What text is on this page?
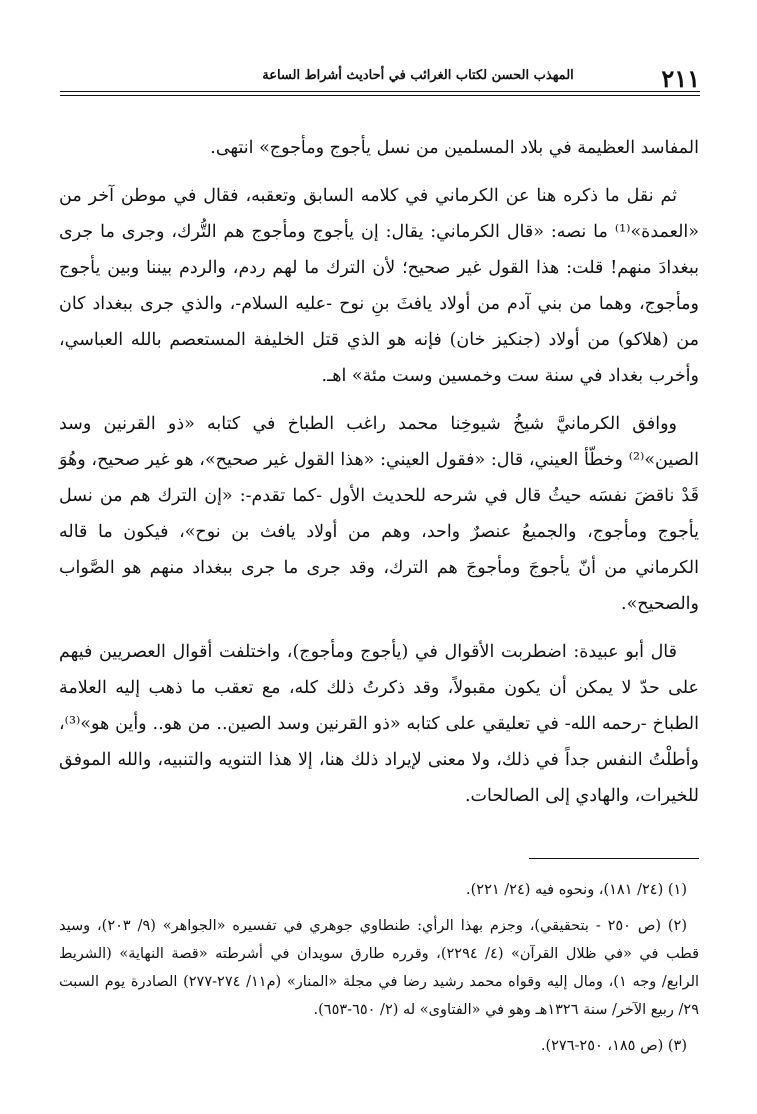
٢١١
المهذب الحسن لكتاب الغرائب في أحاديث أشراط الساعة

المفاسد العظيمة في بلاد المسلمين من نسل يأجوج ومأجوج» انتهى.

ثم نقل ما ذكره هنا عن الكرماني في كلامه السابق وتعقبه، فقال في موطن آخر من «العمدة»⁽¹⁾ ما نصه: «قال الكرماني: يقال: إن يأجوج ومأجوج هم التُّرك، وجرى ما جرى ببغدادَ منهم! قلت: هذا القول غير صحيح؛ لأن الترك ما لهم ردم، والردم بيننا وبين يأجوج ومأجوج، وهما من بني آدم من أولاد يافثَ بنِ نوح -عليه السلام-، والذي جرى ببغداد كان من (هلاكو) من أولاد (جنكيز خان) فإنه هو الذي قتل الخليفة المستعصم بالله العباسي، وأخرب بغداد في سنة ست وخمسين وست مئة» اهـ.

ووافق الكرمانيَّ شيخُ شيوخِنا محمد راغب الطباخ في كتابه «ذو القرنين وسد الصين»⁽²⁾ وخطّأ العيني، قال: «فقول العيني: «هذا القول غير صحيح»، هو غير صحيح، وهُوَ قَدْ ناقضَ نفسَه حيثُ قال في شرحه للحديث الأول -كما تقدم-: «إن الترك هم من نسل يأجوج ومأجوج، والجميعُ عنصرٌ واحد، وهم من أولاد يافث بن نوح»، فيكون ما قاله الكرماني من أنّ يأجوجَ ومأجوجَ هم الترك، وقد جرى ما جرى ببغداد منهم هو الصَّواب والصحيح».

قال أبو عبيدة: اضطربت الأقوال في (يأجوج ومأجوج)، واختلفت أقوال العصريين فيهم على حدّ لا يمكن أن يكون مقبولاً، وقد ذكرتُ ذلك كله، مع تعقب ما ذهب إليه العلامة الطباخ -رحمه الله- في تعليقي على كتابه «ذو القرنين وسد الصين.. من هو.. وأين هو»⁽³⁾، وأطلْتُ النفس جداً في ذلك، ولا معنى لإيراد ذلك هنا، إلا هذا التنويه والتنبيه، والله الموفق للخيرات، والهادي إلى الصالحات.

(١) (٢٤/ ١٨١)، ونحوه فيه (٢٤/ ٢٢١).

(٢) (ص ٢٥٠ - بتحقيقي)، وجزم بهذا الرأي: طنطاوي جوهري في تفسيره «الجواهر» (٩/ ٢٠٣)، وسيد قطب في «في ظلال القرآن» (٤/ ٢٢٩٤)، وقرره طارق سويدان في أشرطته «قصة النهاية» (الشريط الرابع/ وجه ١)، ومال إليه وقواه محمد رشيد رضا في مجلة «المنار» (م١١/ ٢٧٤-٢٧٧) الصادرة يوم السبت ٢٩/ ربيع الآخر/ سنة ١٣٢٦هـ وهو في «الفتاوى» له (٢/ ٦٥٠-٦٥٣).

(٣) (ص ١٨٥، ٢٥٠-٢٧٦).
